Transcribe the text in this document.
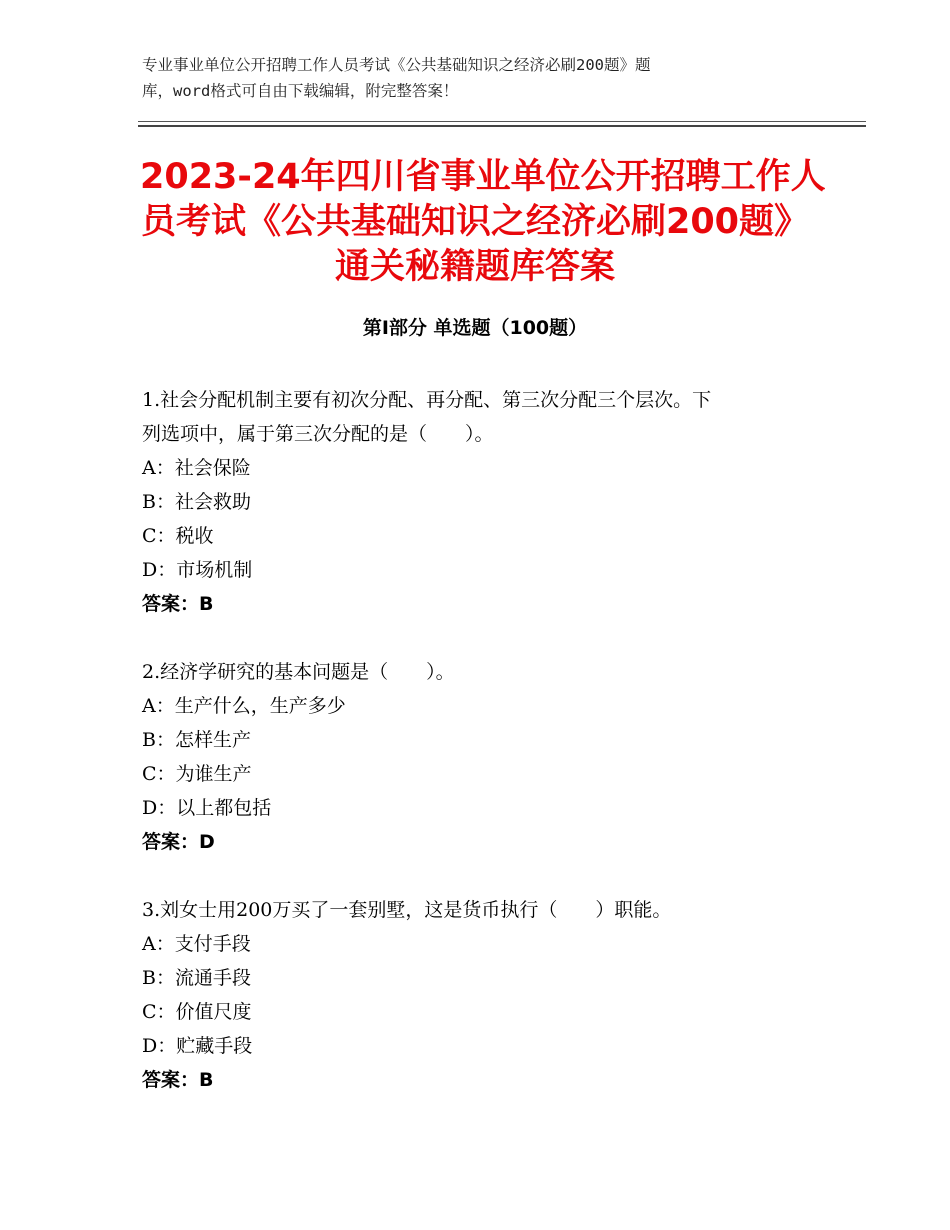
专业事业单位公开招聘工作人员考试《公共基础知识之经济必刷200题》题
库，word格式可自由下载编辑，附完整答案！
2023-24年四川省事业单位公开招聘工作人
员考试《公共基础知识之经济必刷200题》
通关秘籍题库答案
第Ⅰ部分 单选题（100题）
1.社会分配机制主要有初次分配、再分配、第三次分配三个层次。下
列选项中，属于第三次分配的是（　　）。
A：社会保险
B：社会救助
C：税收
D：市场机制
答案：B
2.经济学研究的基本问题是（　　）。
A：生产什么，生产多少
B：怎样生产
C：为谁生产
D：以上都包括
答案：D
3.刘女士用200万买了一套别墅，这是货币执行（　　）职能。
A：支付手段
B：流通手段
C：价值尺度
D：贮藏手段
答案：B
